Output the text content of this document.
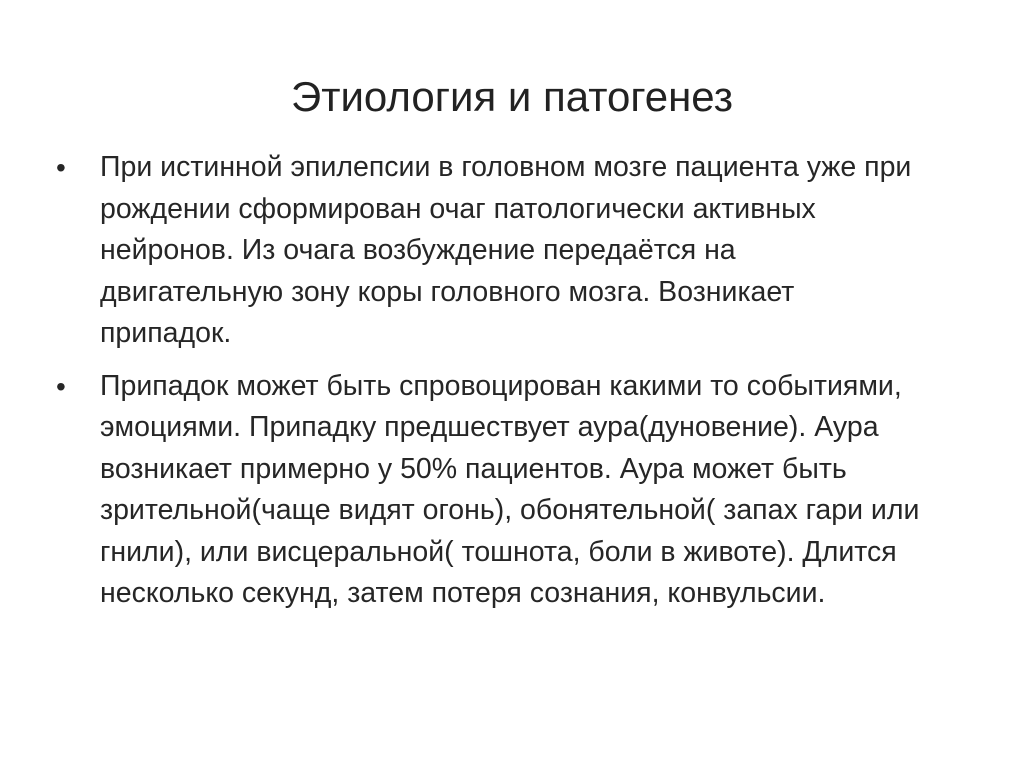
Этиология и патогенез
•	При истинной эпилепсии в головном мозге пациента уже при рождении сформирован очаг патологически активных нейронов. Из очага возбуждение передаётся на двигательную зону коры головного мозга. Возникает припадок.
•	Припадок может быть спровоцирован какими то событиями, эмоциями. Припадку предшествует аура(дуновение). Аура возникает примерно у 50% пациентов. Аура может быть зрительной(чаще видят огонь), обонятельной( запах гари или гнили), или висцеральной( тошнота, боли в животе). Длится несколько секунд, затем потеря сознания, конвульсии.
